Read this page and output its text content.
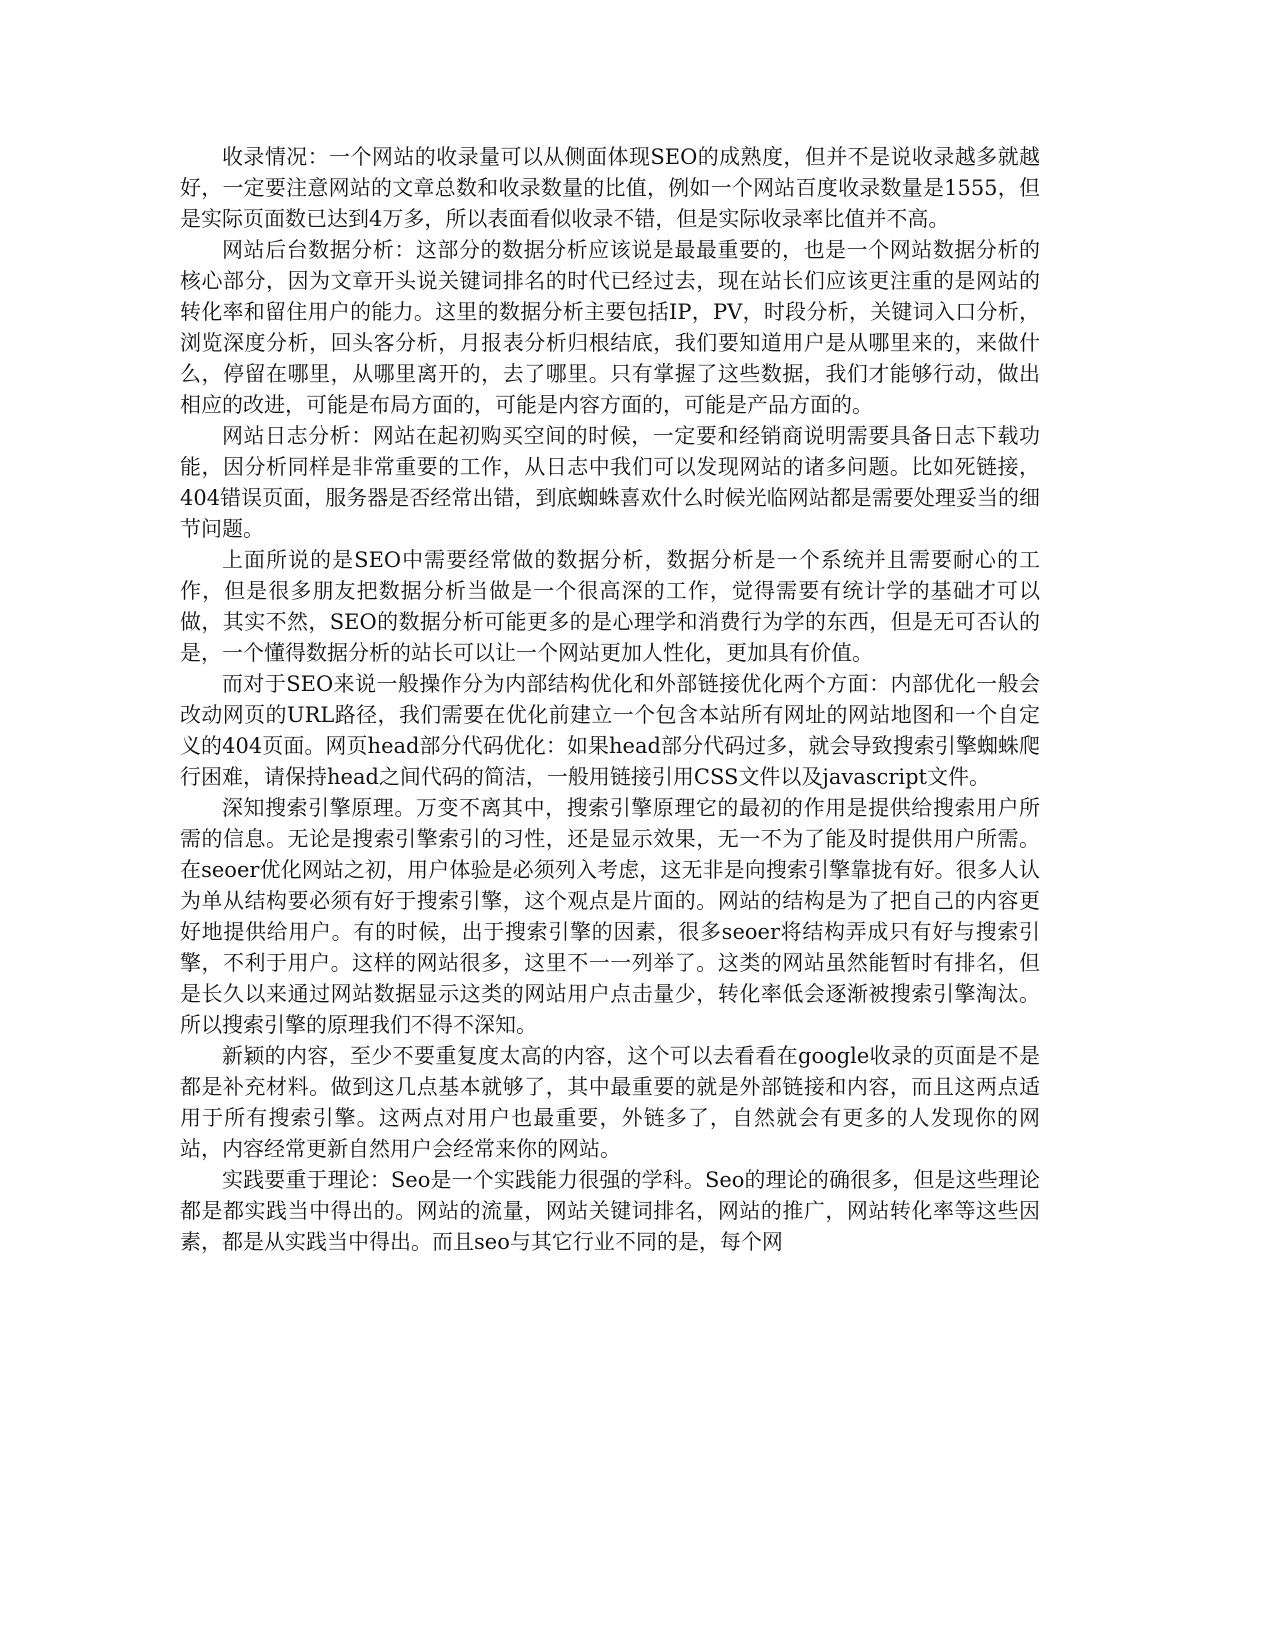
收录情况：一个网站的收录量可以从侧面体现SEO的成熟度，但并不是说收录越多就越好，一定要注意网站的文章总数和收录数量的比值，例如一个网站百度收录数量是1555，但是实际页面数已达到4万多，所以表面看似收录不错，但是实际收录率比值并不高。

网站后台数据分析：这部分的数据分析应该说是最最重要的，也是一个网站数据分析的核心部分，因为文章开头说关键词排名的时代已经过去，现在站长们应该更注重的是网站的转化率和留住用户的能力。这里的数据分析主要包括IP，PV，时段分析，关键词入口分析，浏览深度分析，回头客分析，月报表分析归根结底，我们要知道用户是从哪里来的，来做什么，停留在哪里，从哪里离开的，去了哪里。只有掌握了这些数据，我们才能够行动，做出相应的改进，可能是布局方面的，可能是内容方面的，可能是产品方面的。

网站日志分析：网站在起初购买空间的时候，一定要和经销商说明需要具备日志下载功能，因分析同样是非常重要的工作，从日志中我们可以发现网站的诸多问题。比如死链接，404错误页面，服务器是否经常出错，到底蜘蛛喜欢什么时候光临网站都是需要处理妥当的细节问题。

上面所说的是SEO中需要经常做的数据分析，数据分析是一个系统并且需要耐心的工作，但是很多朋友把数据分析当做是一个很高深的工作，觉得需要有统计学的基础才可以做，其实不然，SEO的数据分析可能更多的是心理学和消费行为学的东西，但是无可否认的是，一个懂得数据分析的站长可以让一个网站更加人性化，更加具有价值。

而对于SEO来说一般操作分为内部结构优化和外部链接优化两个方面：内部优化一般会改动网页的URL路径，我们需要在优化前建立一个包含本站所有网址的网站地图和一个自定义的404页面。网页head部分代码优化：如果head部分代码过多，就会导致搜索引擎蜘蛛爬行困难，请保持head之间代码的简洁，一般用链接引用CSS文件以及javascript文件。

深知搜索引擎原理。万变不离其中，搜索引擎原理它的最初的作用是提供给搜索用户所需的信息。无论是搜索引擎索引的习性，还是显示效果，无一不为了能及时提供用户所需。在seoer优化网站之初，用户体验是必须列入考虑，这无非是向搜索引擎靠拢有好。很多人认为单从结构要必须有好于搜索引擎，这个观点是片面的。网站的结构是为了把自己的内容更好地提供给用户。有的时候，出于搜索引擎的因素，很多seoer将结构弄成只有好与搜索引擎，不利于用户。这样的网站很多，这里不一一列举了。这类的网站虽然能暂时有排名，但是长久以来通过网站数据显示这类的网站用户点击量少，转化率低会逐渐被搜索引擎淘汰。所以搜索引擎的原理我们不得不深知。

新颖的内容，至少不要重复度太高的内容，这个可以去看看在google收录的页面是不是都是补充材料。做到这几点基本就够了，其中最重要的就是外部链接和内容，而且这两点适用于所有搜索引擎。这两点对用户也最重要，外链多了，自然就会有更多的人发现你的网站，内容经常更新自然用户会经常来你的网站。

实践要重于理论：Seo是一个实践能力很强的学科。Seo的理论的确很多，但是这些理论都是都实践当中得出的。网站的流量，网站关键词排名，网站的推广，网站转化率等这些因素，都是从实践当中得出。而且seo与其它行业不同的是，每个网
